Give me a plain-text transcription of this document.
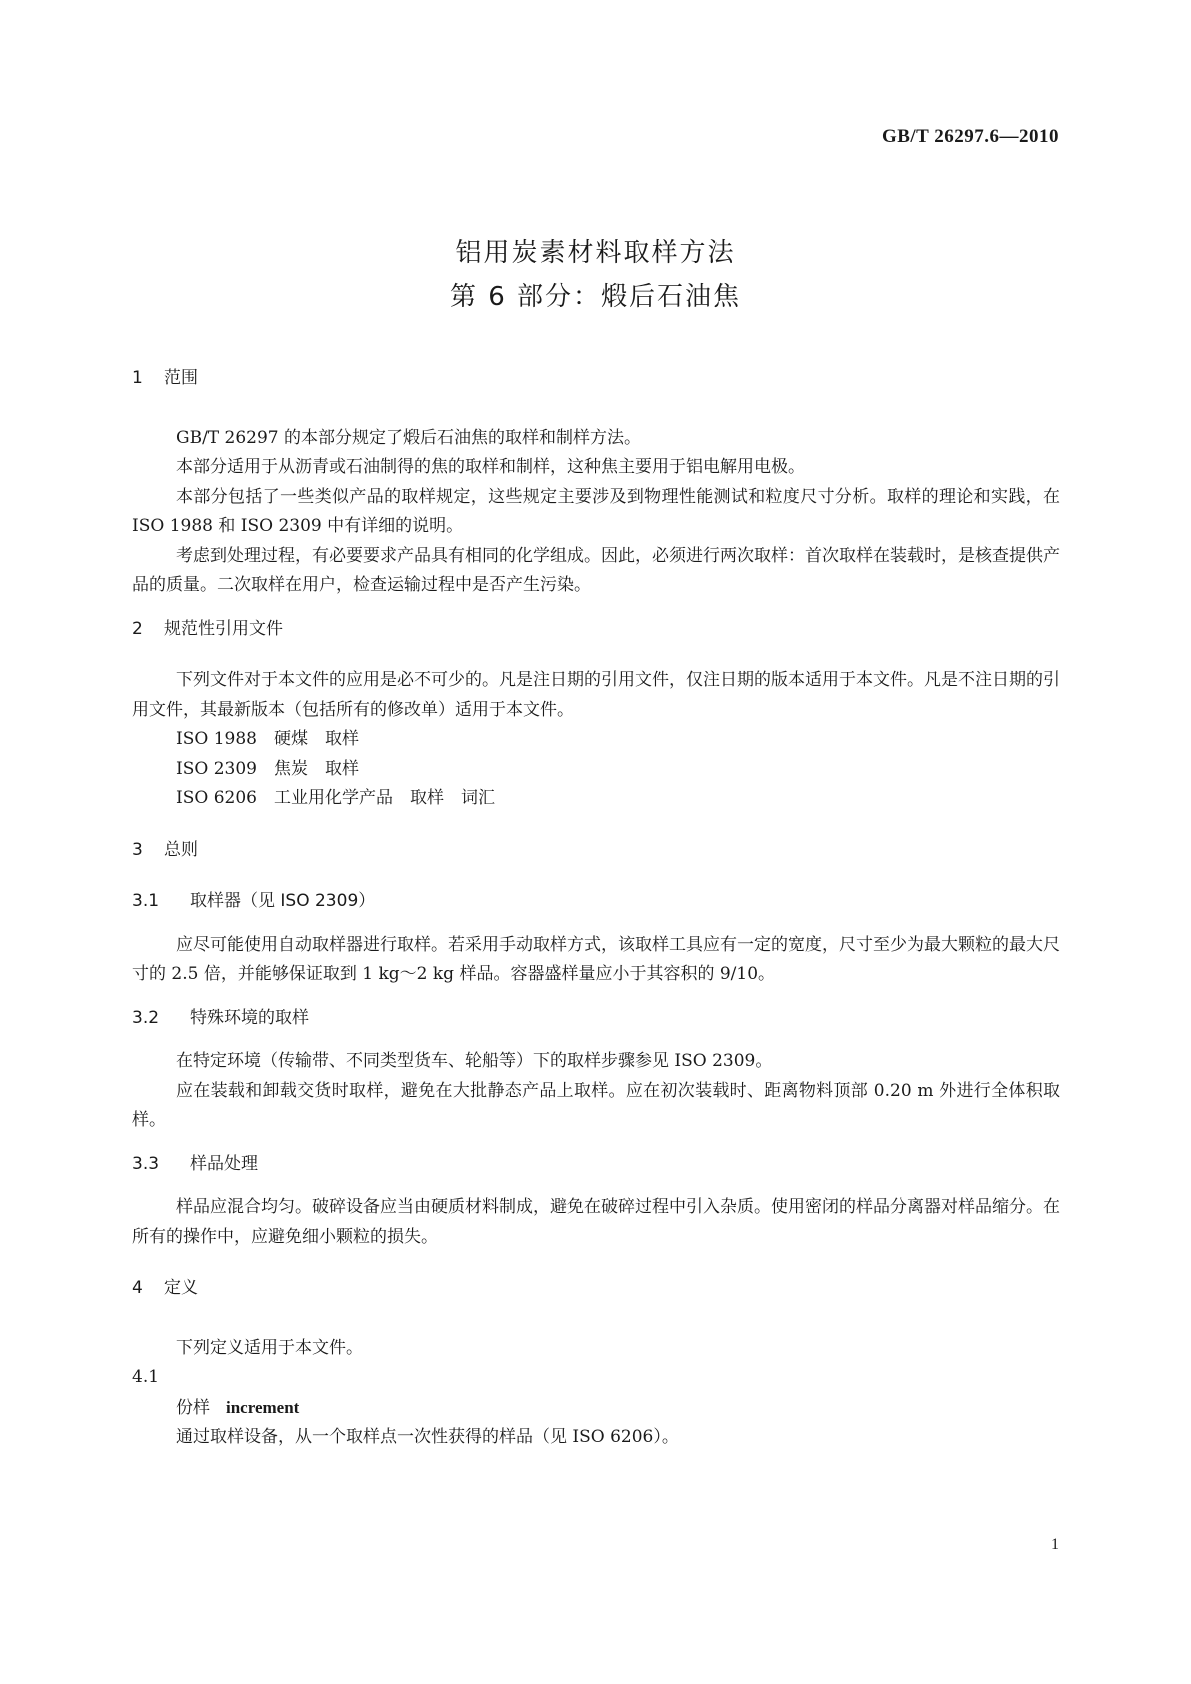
GB/T 26297.6—2010
铝用炭素材料取样方法
第 6 部分：煅后石油焦
1 范围

GB/T 26297 的本部分规定了煅后石油焦的取样和制样方法。

本部分适用于从沥青或石油制得的焦的取样和制样，这种焦主要用于铝电解用电极。

本部分包括了一些类似产品的取样规定，这些规定主要涉及到物理性能测试和粒度尺寸分析。取样的理论和实践，在 ISO 1988 和 ISO 2309 中有详细的说明。

考虑到处理过程，有必要要求产品具有相同的化学组成。因此，必须进行两次取样：首次取样在装载时，是核查提供产品的质量。二次取样在用户，检查运输过程中是否产生污染。

2 规范性引用文件

下列文件对于本文件的应用是必不可少的。凡是注日期的引用文件，仅注日期的版本适用于本文件。凡是不注日期的引用文件，其最新版本（包括所有的修改单）适用于本文件。

ISO 1988　硬煤　取样
ISO 2309　焦炭　取样
ISO 6206　工业用化学产品　取样　词汇
3 总则
3.1 取样器（见 ISO 2309）

应尽可能使用自动取样器进行取样。若采用手动取样方式，该取样工具应有一定的宽度，尺寸至少为最大颗粒的最大尺寸的 2.5 倍，并能够保证取到 1 kg～2 kg 样品。容器盛样量应小于其容积的 9/10。

3.2 特殊环境的取样

在特定环境（传输带、不同类型货车、轮船等）下的取样步骤参见 ISO 2309。

应在装载和卸载交货时取样，避免在大批静态产品上取样。应在初次装载时、距离物料顶部 0.20 m 外进行全体积取样。

3.3 样品处理

样品应混合均匀。破碎设备应当由硬质材料制成，避免在破碎过程中引入杂质。使用密闭的样品分离器对样品缩分。在所有的操作中，应避免细小颗粒的损失。

4 定义

下列定义适用于本文件。

4.1
份样 increment
通过取样设备，从一个取样点一次性获得的样品（见 ISO 6206）。
1
